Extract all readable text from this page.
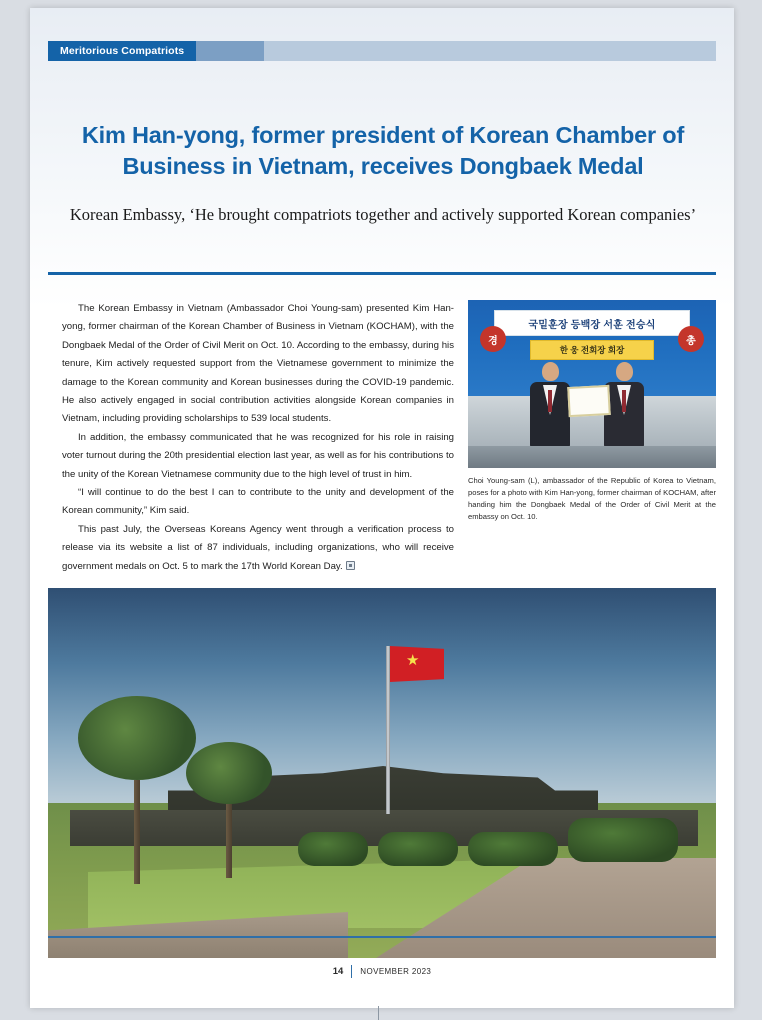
Meritorious Compatriots
Kim Han-yong, former president of Korean Chamber of Business in Vietnam, receives Dongbaek Medal
Korean Embassy, ‘He brought compatriots together and actively supported Korean companies’

The Korean Embassy in Vietnam (Ambassador Choi Young-sam) presented Kim Han-yong, former chairman of the Korean Chamber of Business in Vietnam (KOCHAM), with the Dongbaek Medal of the Order of Civil Merit on Oct. 10. According to the embassy, during his tenure, Kim actively requested support from the Vietnamese government to minimize the damage to the Korean community and Korean businesses during the COVID-19 pandemic. He also actively engaged in social contribution activities alongside Korean companies in Vietnam, including providing scholarships to 539 local students.

In addition, the embassy communicated that he was recognized for his role in raising voter turnout during the 20th presidential election last year, as well as for his contributions to the unity of the Korean Vietnamese community due to the high level of trust in him.

“I will continue to do the best I can to contribute to the unity and development of the Korean community,” Kim said.

This past July, the Overseas Koreans Agency went through a verification process to release via its website a list of 87 individuals, including organizations, who will receive government medals on Oct. 5 to mark the 17th World Korean Day.

국밑훈장 등백장 서훈 전승식
한 웅 전회장 회장
경	총
Choi Young-sam (L), ambassador of the Republic of Korea to Vietnam, poses for a photo with Kim Han-yong, former chairman of KOCHAM, after handing him the Dongbaek Medal of the Order of Civil Merit at the embassy on Oct. 10.
★
14 NOVEMBER 2023
